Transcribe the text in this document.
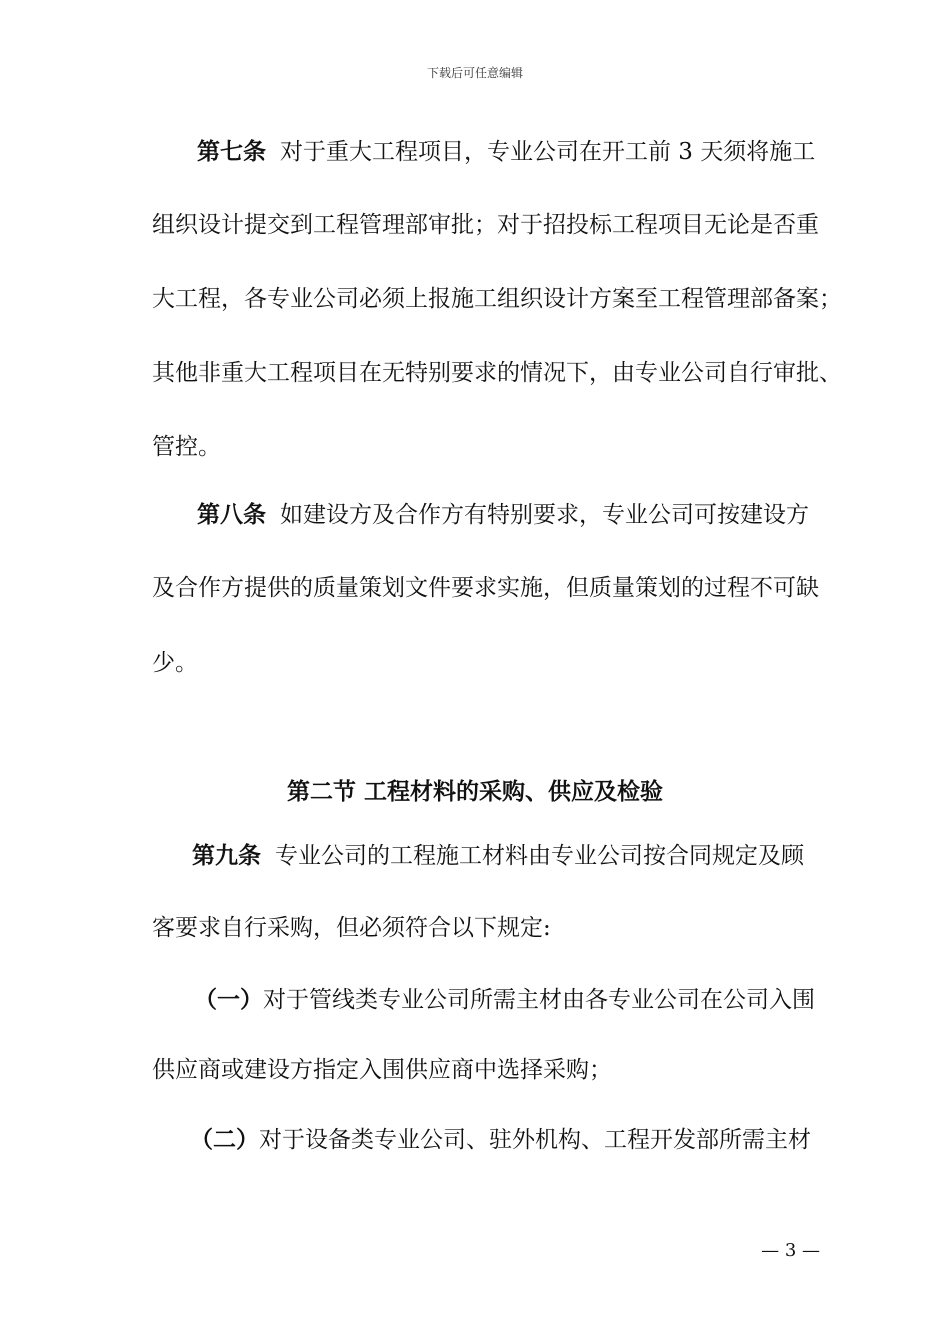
下载后可任意编辑
第七条 对于重大工程项目，专业公司在开工前 3 天须将施工
组织设计提交到工程管理部审批；对于招投标工程项目无论是否重
大工程，各专业公司必须上报施工组织设计方案至工程管理部备案；
其他非重大工程项目在无特别要求的情况下，由专业公司自行审批、
管控。
第八条 如建设方及合作方有特别要求，专业公司可按建设方
及合作方提供的质量策划文件要求实施，但质量策划的过程不可缺
少。
第二节 工程材料的采购、供应及检验
第九条 专业公司的工程施工材料由专业公司按合同规定及顾
客要求自行采购，但必须符合以下规定:
（一）对于管线类专业公司所需主材由各专业公司在公司入围
供应商或建设方指定入围供应商中选择采购；
（二）对于设备类专业公司、驻外机构、工程开发部所需主材
— 3 —
